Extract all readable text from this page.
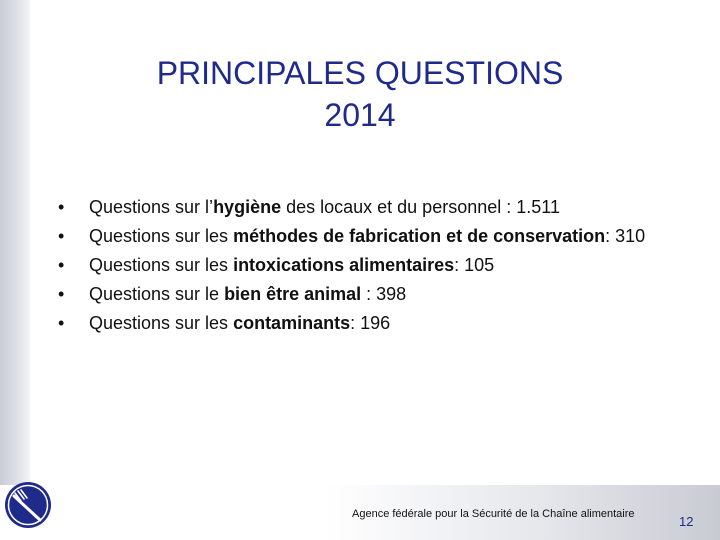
PRINCIPALES QUESTIONS
2014
• Questions sur l’hygiène des locaux et du personnel : 1.511
• Questions sur les méthodes de fabrication et de conservation: 310
• Questions sur les intoxications alimentaires: 105
• Questions sur le bien être animal : 398
• Questions sur les contaminants: 196
Agence fédérale pour la Sécurité de la Chaîne alimentaire	12
